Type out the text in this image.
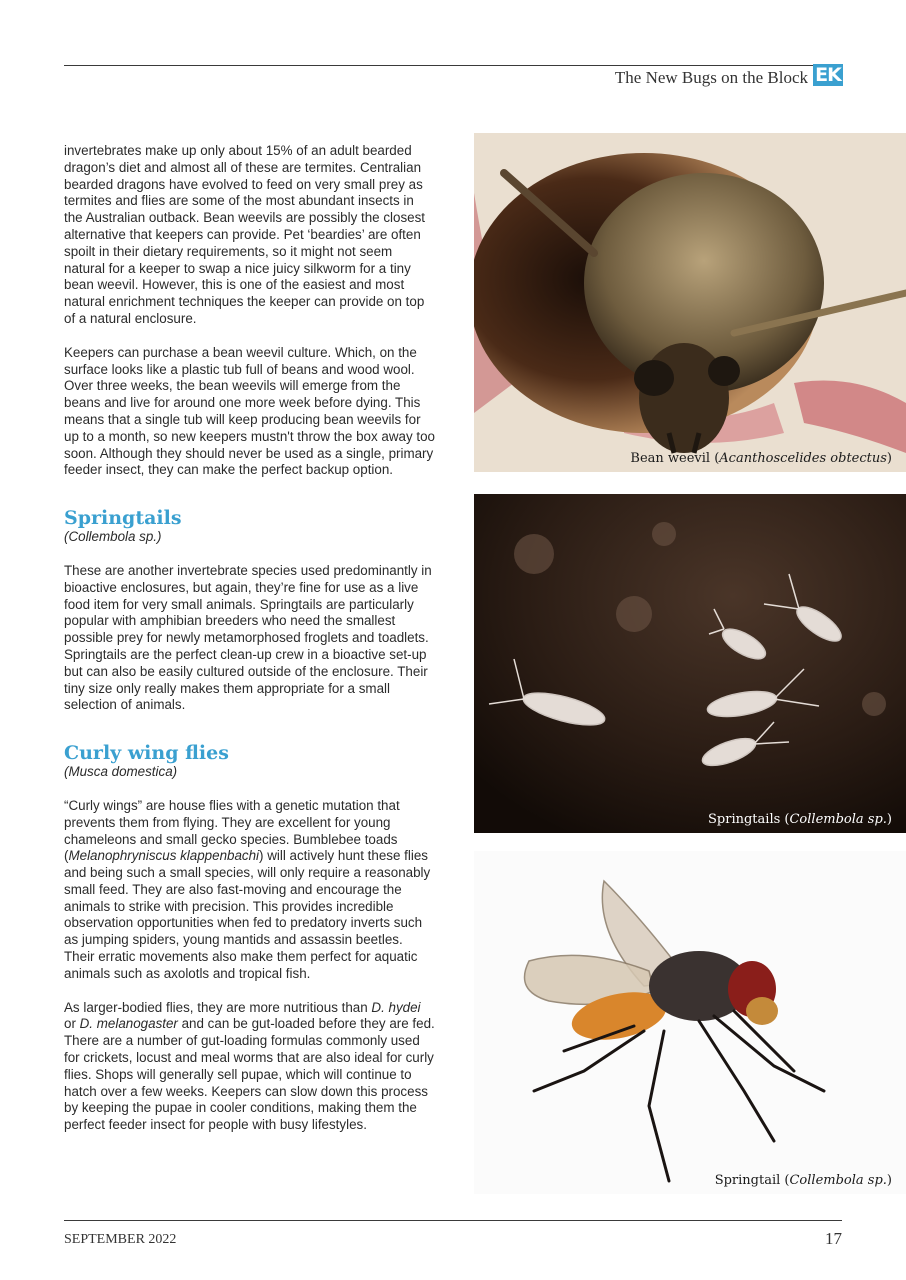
The New Bugs on the Block EK

invertebrates make up only about 15% of an adult bearded dragon’s diet and almost all of these are termites. Centralian bearded dragons have evolved to feed on very small prey as termites and flies are some of the most abundant insects in the Australian outback. Bean weevils are possibly the closest alternative that keepers can provide. Pet ‘beardies’ are often spoilt in their dietary requirements, so it might not seem natural for a keeper to swap a nice juicy silkworm for a tiny bean weevil. However, this is one of the easiest and most natural enrichment techniques the keeper can provide on top of a natural enclosure.

Keepers can purchase a bean weevil culture. Which, on the surface looks like a plastic tub full of beans and wood wool. Over three weeks, the bean weevils will emerge from the beans and live for around one more week before dying. This means that a single tub will keep producing bean weevils for up to a month, so new keepers mustn't throw the box away too soon. Although they should never be used as a single, primary feeder insect, they can make the perfect backup option.

Springtails
(Collembola sp.)

These are another invertebrate species used predominantly in bioactive enclosures, but again, they’re fine for use as a live food item for very small animals. Springtails are particularly popular with amphibian breeders who need the smallest possible prey for newly metamorphosed froglets and toadlets. Springtails are the perfect clean-up crew in a bioactive set-up but can also be easily cultured outside of the enclosure. Their tiny size only really makes them appropriate for a small selection of animals.

Curly wing flies
(Musca domestica)

“Curly wings” are house flies with a genetic mutation that prevents them from flying. They are excellent for young chameleons and small gecko species. Bumblebee toads (Melanophryniscus klappenbachi) will actively hunt these flies and being such a small species, will only require a reasonably small feed. They are also fast-moving and encourage the animals to strike with precision. This provides incredible observation opportunities when fed to predatory inverts such as jumping spiders, young mantids and assassin beetles. Their erratic movements also make them perfect for aquatic animals such as axolotls and tropical fish.

As larger-bodied flies, they are more nutritious than D. hydei or D. melanogaster and can be gut-loaded before they are fed. There are a number of gut-loading formulas commonly used for crickets, locust and meal worms that are also ideal for curly flies. Shops will generally sell pupae, which will continue to hatch over a few weeks. Keepers can slow down this process by keeping the pupae in cooler conditions, making them the perfect feeder insect for people with busy lifestyles.

Bean weevil (Acanthoscelides obtectus)
Springtails (Collembola sp.)
Springtail (Collembola sp.)
SEPTEMBER 2022	17
